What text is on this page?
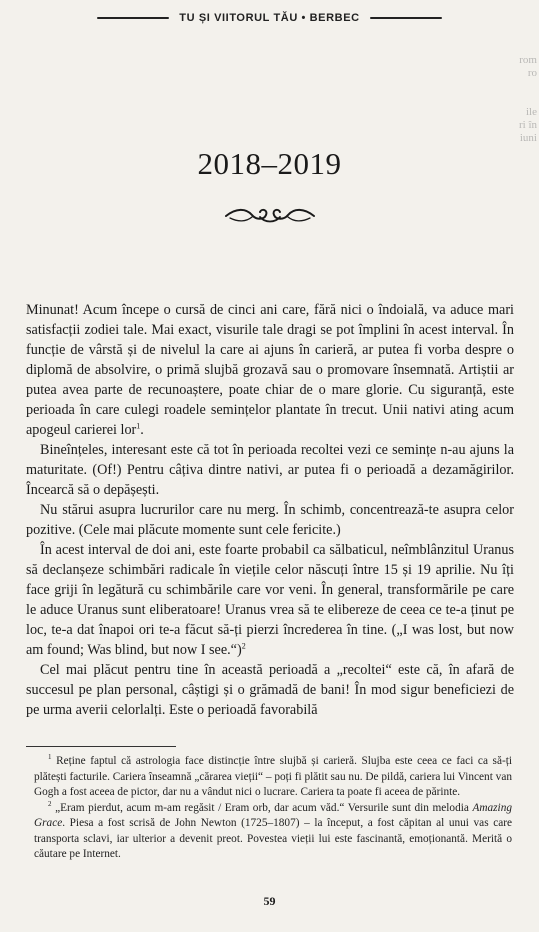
TU ȘI VIITORUL TĂU • BERBEC
rom
ro

ile
ri în
iuni
2018–2019

Minunat! Acum începe o cursă de cinci ani care, fără nici o îndoială, va aduce mari satisfacții zodiei tale. Mai exact, visurile tale dragi se pot împlini în acest interval. În funcție de vârstă și de nivelul la care ai ajuns în carieră, ar putea fi vorba despre o diplomă de absolvire, o primă slujbă grozavă sau o promovare însemnată. Artiștii ar putea avea parte de recunoaștere, poate chiar de o mare glorie. Cu siguranță, este perioada în care culegi roadele semințelor plantate în trecut. Unii nativi ating acum apogeul carierei lor$^1$.

Bineînțeles, interesant este că tot în perioada recoltei vezi ce semințe n-au ajuns la maturitate. (Of!) Pentru câțiva dintre nativi, ar putea fi o perioadă a dezamăgirilor. Încearcă să o depășești.

Nu stărui asupra lucrurilor care nu merg. În schimb, concentrează-te asupra celor pozitive. (Cele mai plăcute momente sunt cele fericite.)

În acest interval de doi ani, este foarte probabil ca sălbaticul, neîmblânzitul Uranus să declanșeze schimbări radicale în viețile celor născuți între 15 și 19 aprilie. Nu îți face griji în legătură cu schimbările care vor veni. În general, transformările pe care le aduce Uranus sunt eliberatoare! Uranus vrea să te elibereze de ceea ce te-a ținut pe loc, te-a dat înapoi ori te-a făcut să-ți pierzi încrederea în tine. („I was lost, but now am found; Was blind, but now I see.“)$^2$

Cel mai plăcut pentru tine în această perioadă a „recoltei“ este că, în afară de succesul pe plan personal, câștigi și o grămadă de bani! În mod sigur beneficiezi de pe urma averii celorlalți. Este o perioadă favorabilă

$^1$ Reține faptul că astrologia face distincție între slujbă și carieră. Slujba este ceea ce faci ca să-ți plătești facturile. Cariera înseamnă „cărarea vieții“ – poți fi plătit sau nu. De pildă, cariera lui Vincent van Gogh a fost aceea de pictor, dar nu a vândut nici o lucrare. Cariera ta poate fi aceea de părinte.

$^2$ „Eram pierdut, acum m-am regăsit / Eram orb, dar acum văd.“ Versurile sunt din melodia Amazing Grace. Piesa a fost scrisă de John Newton (1725–1807) – la început, a fost căpitan al unui vas care transporta sclavi, iar ulterior a devenit preot. Povestea vieții lui este fascinantă, emoționantă. Merită o căutare pe Internet.

59
